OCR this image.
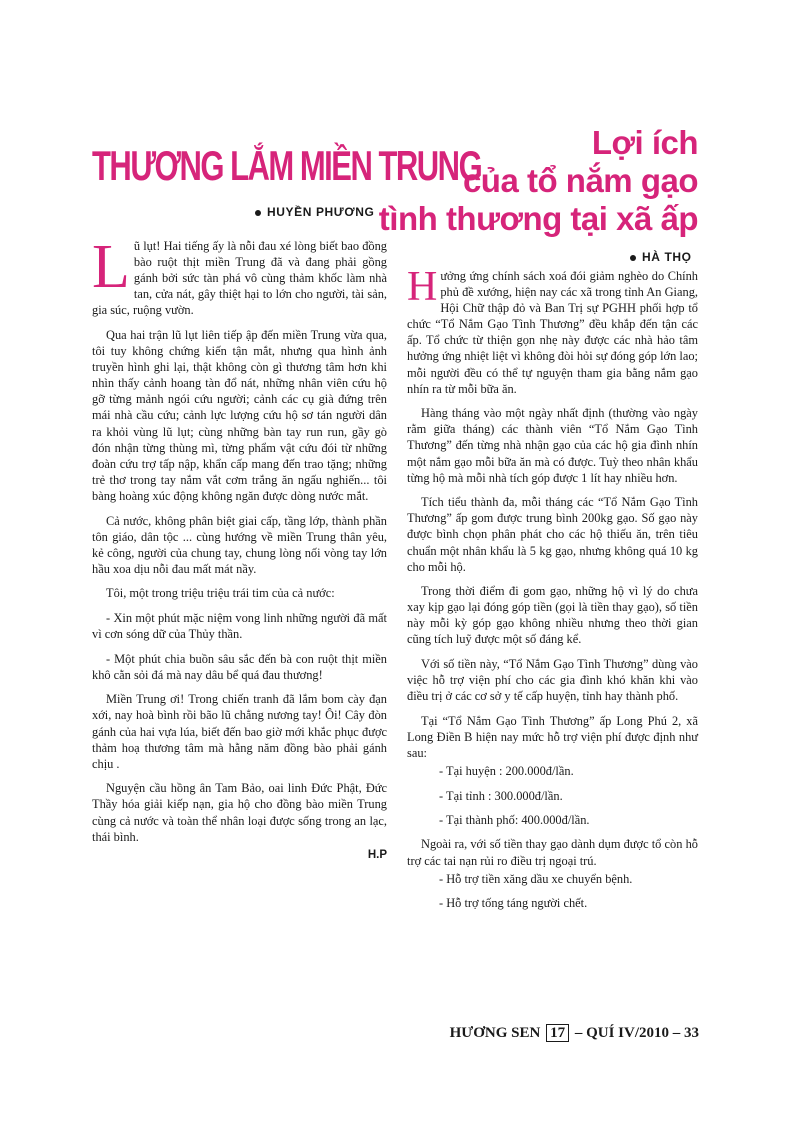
THƯƠNG LẮM MIỀN TRUNG
HUYỀN PHƯƠNG
Lợi ích
của tổ nắm gạo
tình thương tại xã ấp
HÀ THỌ

Lũ lụt! Hai tiếng ấy là nỗi đau xé lòng biết bao đồng bào ruột thịt miền Trung đã và đang phải gồng gánh bởi sức tàn phá vô cùng thảm khốc làm nhà tan, cửa nát, gây thiệt hại to lớn cho người, tài sản, gia súc, ruộng vườn.

Qua hai trận lũ lụt liên tiếp ập đến miền Trung vừa qua, tôi tuy không chứng kiến tận mắt, nhưng qua hình ảnh truyền hình ghi lại, thật không còn gì thương tâm hơn khi nhìn thấy cảnh hoang tàn đổ nát, những nhân viên cứu hộ gỡ từng mảnh ngói cứu người; cảnh các cụ già đứng trên mái nhà cầu cứu; cảnh lực lượng cứu hộ sơ tán người dân ra khỏi vùng lũ lụt; cùng những bàn tay run run, gầy gò đón nhận từng thùng mì, từng phẩm vật cứu đói từ những đoàn cứu trợ tấp nập, khẩn cấp mang đến trao tặng; những trẻ thơ trong tay nắm vắt cơm trắng ăn ngấu nghiến... tôi bàng hoàng xúc động không ngăn được dòng nước mắt.

Cả nước, không phân biệt giai cấp, tầng lớp, thành phần tôn giáo, dân tộc ... cùng hướng về miền Trung thân yêu, kẻ công, người của chung tay, chung lòng nối vòng tay lớn hầu xoa dịu nỗi đau mất mát nầy.

Tôi, một trong triệu triệu trái tim của cả nước:

- Xin một phút mặc niệm vong linh những người đã mất vì cơn sóng dữ của Thủy thần.

- Một phút chia buồn sâu sắc đến bà con ruột thịt miền khô cằn sỏi đá mà nay dâu bể quá đau thương!

Miền Trung ơi! Trong chiến tranh đã lắm bom cày đạn xới, nay hoà bình rồi bão lũ chẳng nương tay! Ôi! Cây đòn gánh của hai vựa lúa, biết đến bao giờ mới khắc phục được thảm hoạ thương tâm mà hằng năm đồng bào phải gánh chịu .

Nguyện cầu hồng ân Tam Bảo, oai linh Đức Phật, Đức Thầy hóa giải kiếp nạn, gia hộ cho đồng bào miền Trung cùng cả nước và toàn thể nhân loại được sống trong an lạc, thái bình.

H.P

Hưởng ứng chính sách xoá đói giảm nghèo do Chính phủ đề xướng, hiện nay các xã trong tỉnh An Giang, Hội Chữ thập đỏ và Ban Trị sự PGHH phối hợp tổ chức “Tổ Nắm Gạo Tình Thương” đều khắp đến tận các ấp. Tổ chức từ thiện gọn nhẹ này được các nhà hảo tâm hưởng ứng nhiệt liệt vì không đòi hỏi sự đóng góp lớn lao; mỗi người đều có thể tự nguyện tham gia bằng nắm gạo nhín ra từ mỗi bữa ăn.

Hàng tháng vào một ngày nhất định (thường vào ngày rằm giữa tháng) các thành viên “Tổ Nắm Gạo Tình Thương” đến từng nhà nhận gạo của các hộ gia đình nhín một nắm gạo mỗi bữa ăn mà có được. Tuỳ theo nhân khẩu từng hộ mà mỗi nhà tích góp được 1 lít hay nhiều hơn.

Tích tiểu thành đa, mỗi tháng các “Tổ Nắm Gạo Tình Thương” ấp gom được trung bình 200kg gạo. Số gạo này được bình chọn phân phát cho các hộ thiếu ăn, trên tiêu chuẩn một nhân khẩu là 5 kg gạo, nhưng không quá 10 kg cho mỗi hộ.

Trong thời điểm đi gom gạo, những hộ vì lý do chưa xay kịp gạo lại đóng góp tiền (gọi là tiền thay gạo), số tiền này mỗi kỳ góp gạo không nhiều nhưng theo thời gian cũng tích luỹ được một số đáng kể.

Với số tiền này, “Tổ Nắm Gạo Tình Thương” dùng vào việc hỗ trợ viện phí cho các gia đình khó khăn khi vào điều trị ở các cơ sở y tế cấp huyện, tỉnh hay thành phố.

Tại “Tổ Nắm Gạo Tình Thương” ấp Long Phú 2, xã Long Điền B hiện nay mức hỗ trợ viện phí được định như sau:

- Tại huyện : 200.000đ/lần.

- Tại tỉnh : 300.000đ/lần.

- Tại thành phố: 400.000đ/lần.

Ngoài ra, với số tiền thay gạo dành dụm được tổ còn hỗ trợ các tai nạn rủi ro điều trị ngoại trú.

- Hỗ trợ tiền xăng dầu xe chuyển bệnh.

- Hỗ trợ tống táng người chết.

HƯƠNG SEN 17 – QUÍ IV/2010 – 33
